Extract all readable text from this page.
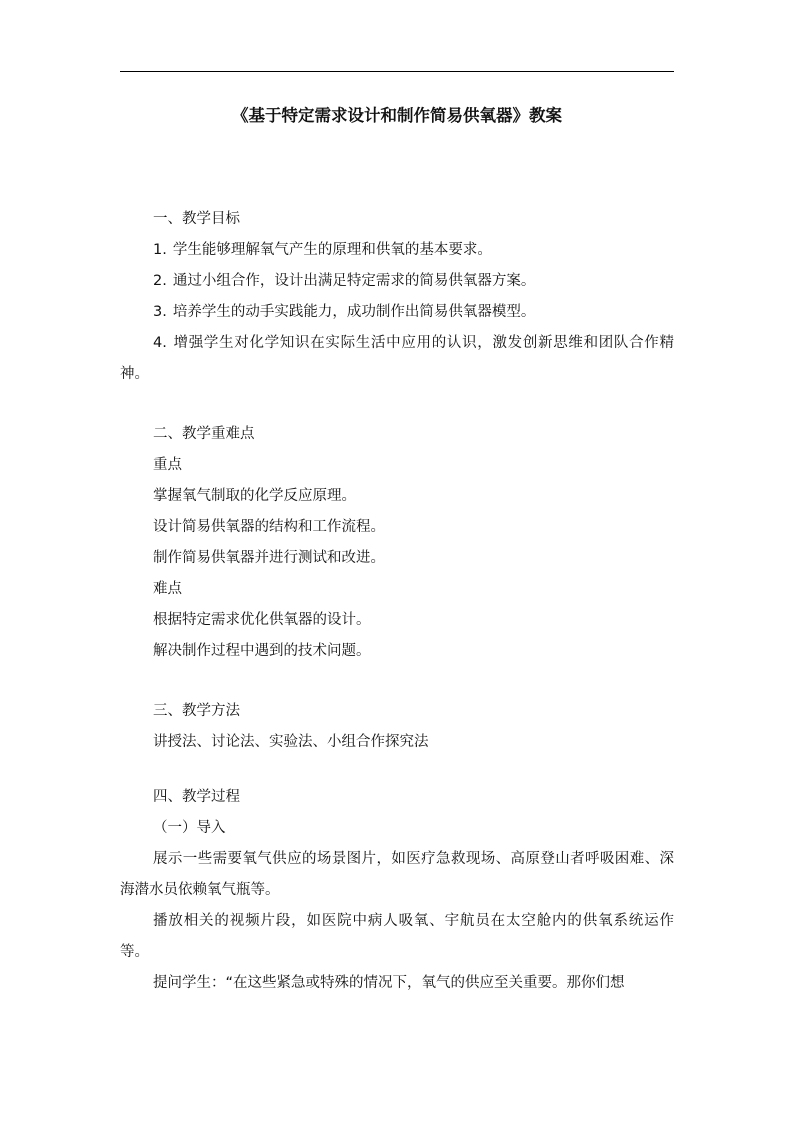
《基于特定需求设计和制作简易供氧器》教案
一、教学目标
1. 学生能够理解氧气产生的原理和供氧的基本要求。
2. 通过小组合作，设计出满足特定需求的简易供氧器方案。
3. 培养学生的动手实践能力，成功制作出简易供氧器模型。
4. 增强学生对化学知识在实际生活中应用的认识，激发创新思维和团队合作精神。
二、教学重难点
重点
掌握氧气制取的化学反应原理。
设计简易供氧器的结构和工作流程。
制作简易供氧器并进行测试和改进。
难点
根据特定需求优化供氧器的设计。
解决制作过程中遇到的技术问题。
三、教学方法
讲授法、讨论法、实验法、小组合作探究法
四、教学过程
（一）导入
展示一些需要氧气供应的场景图片，如医疗急救现场、高原登山者呼吸困难、深海潜水员依赖氧气瓶等。
播放相关的视频片段，如医院中病人吸氧、宇航员在太空舱内的供氧系统运作等。
提问学生：“在这些紧急或特殊的情况下，氧气的供应至关重要。那你们想
